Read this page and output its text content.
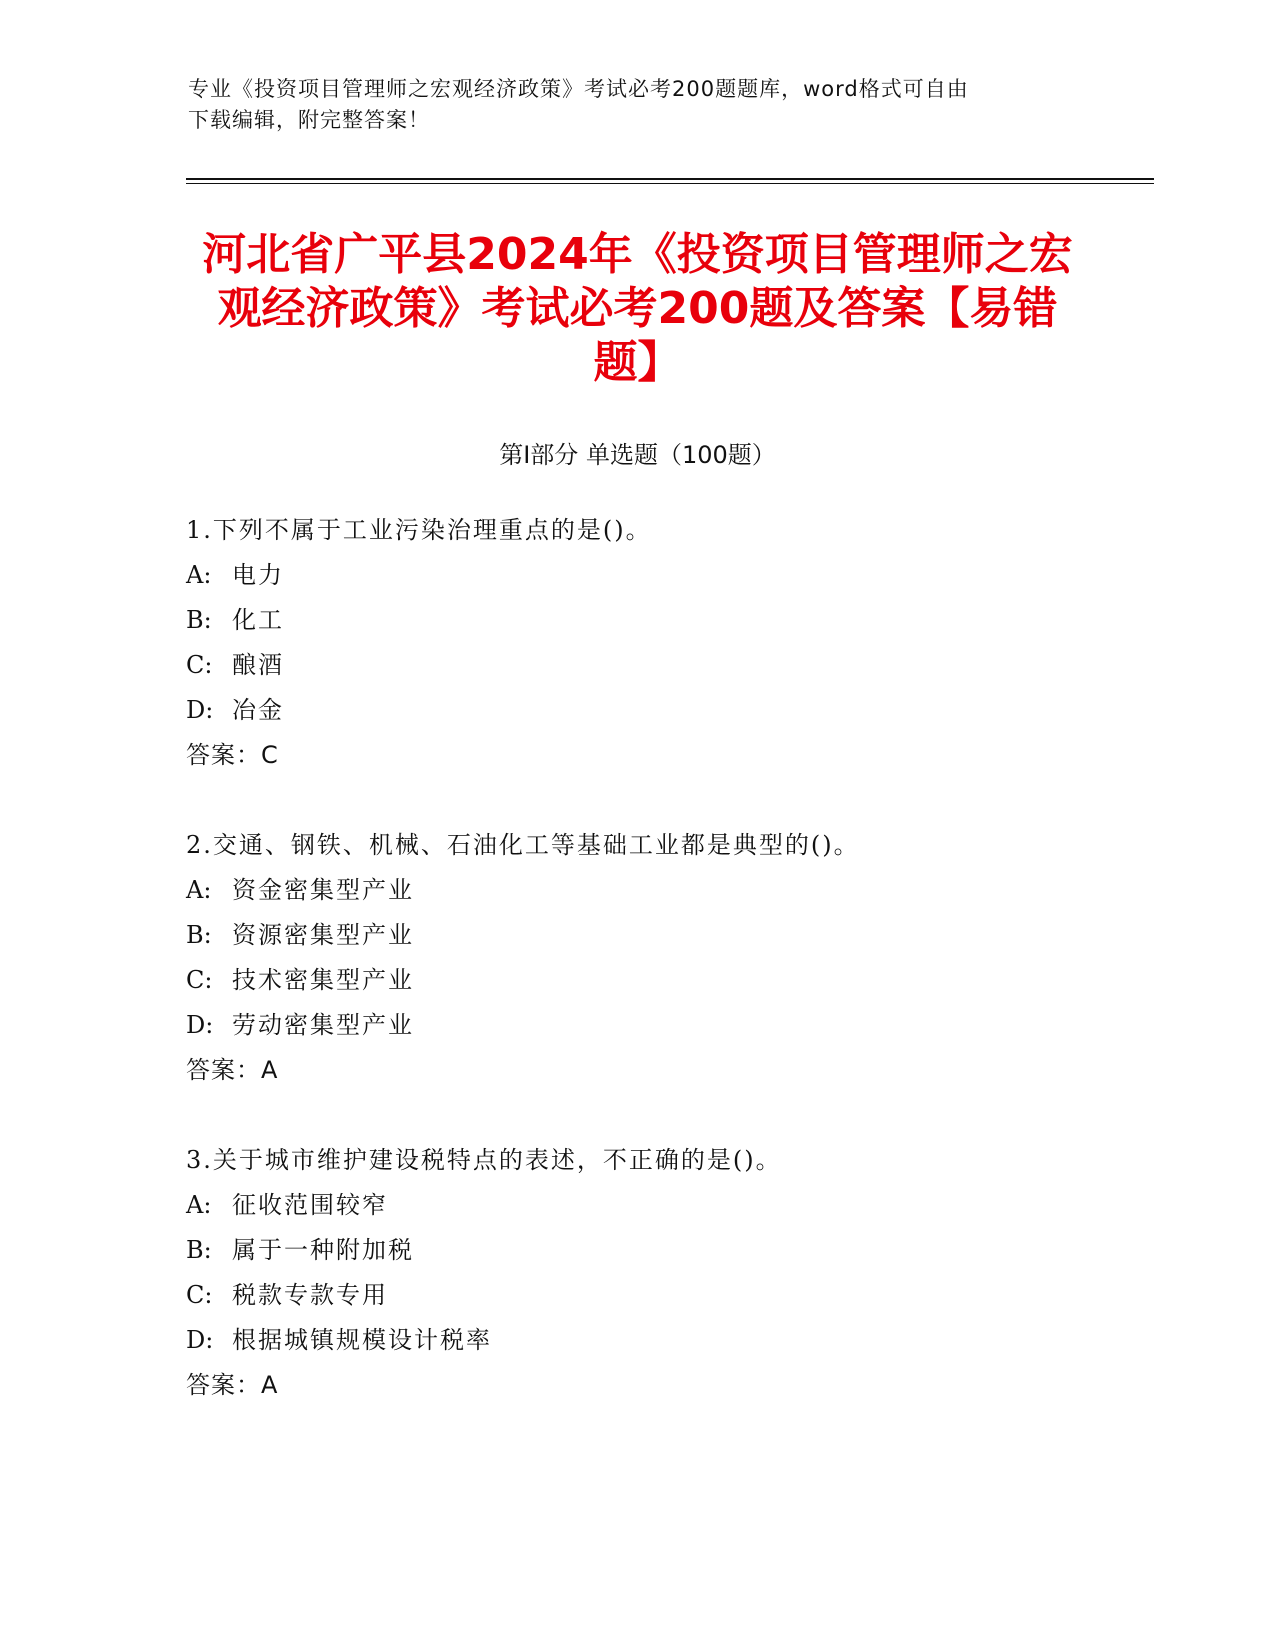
专业《投资项目管理师之宏观经济政策》考试必考200题题库，word格式可自由
下载编辑，附完整答案！
河北省广平县2024年《投资项目管理师之宏
观经济政策》考试必考200题及答案【易错
题】
第Ⅰ部分 单选题（100题）
1.下列不属于工业污染治理重点的是()。
A: 电力
B: 化工
C: 酿酒
D: 冶金
答案：C
2.交通、钢铁、机械、石油化工等基础工业都是典型的()。
A: 资金密集型产业
B: 资源密集型产业
C: 技术密集型产业
D: 劳动密集型产业
答案：A
3.关于城市维护建设税特点的表述，不正确的是()。
A: 征收范围较窄
B: 属于一种附加税
C: 税款专款专用
D: 根据城镇规模设计税率
答案：A
